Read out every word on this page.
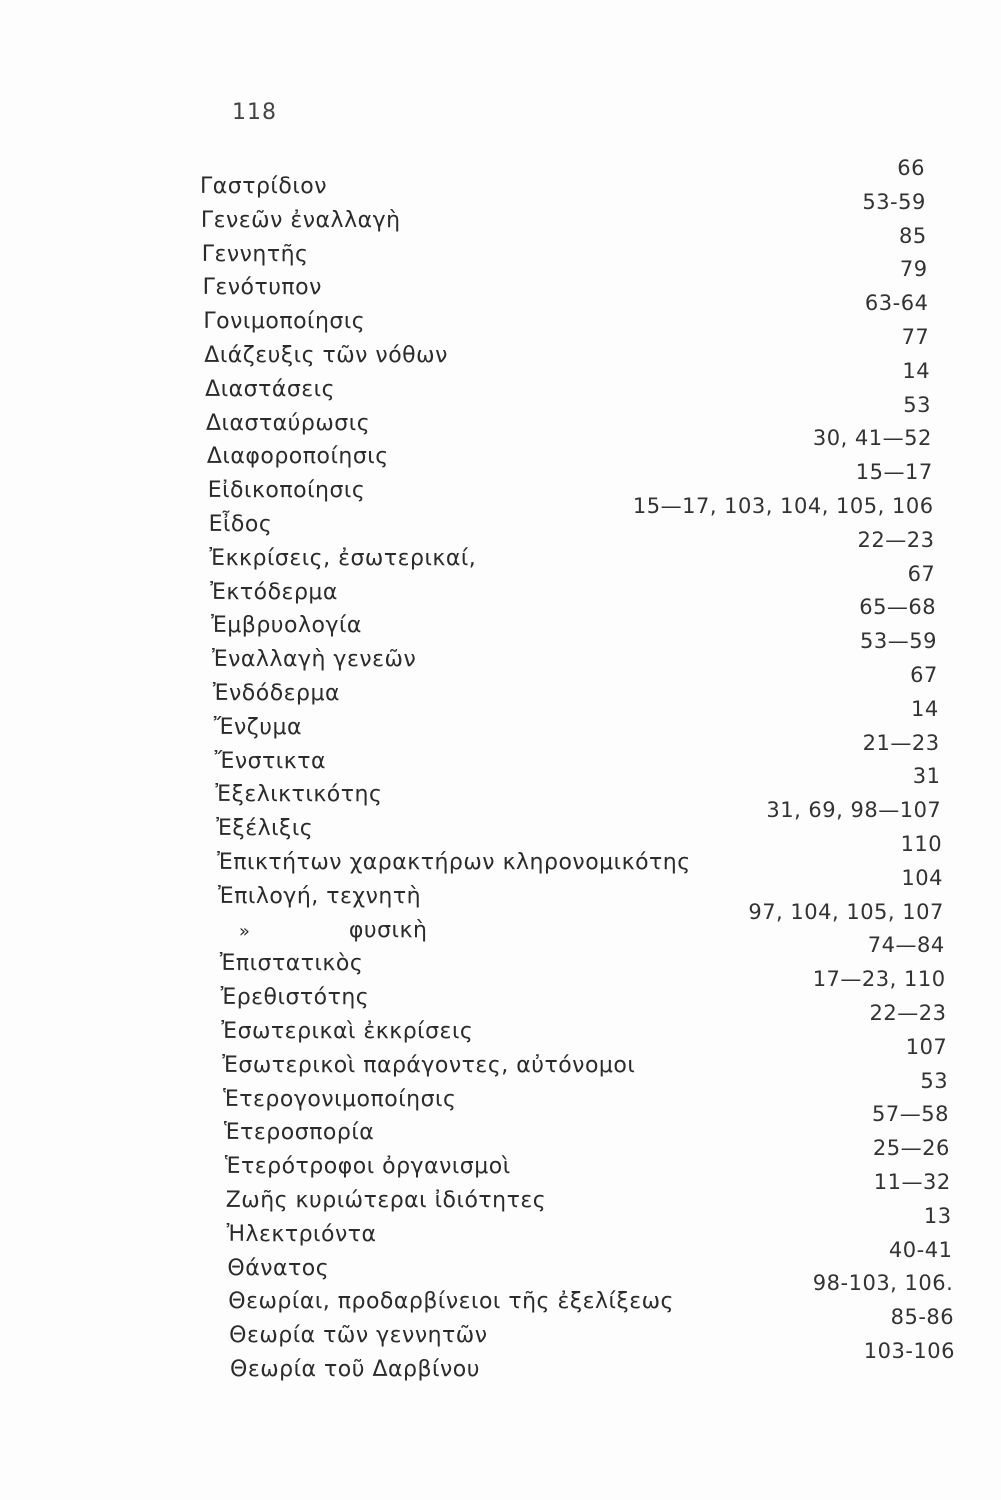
118
Γαστρίδιον
66
Γενεῶν ἐναλλαγὴ
53-59
Γεννητῆς
85
Γενότυπον
79
Γονιμοποίησις
63-64
Διάζευξις τῶν νόθων
77
Διαστάσεις
14
Διασταύρωσις
53
Διαφοροποίησις
30, 41—52
Εἰδικοποίησις
15—17
Εἶδος
15—17, 103, 104, 105, 106
Ἐκκρίσεις, ἐσωτερικαί,
22—23
Ἐκτόδερμα
67
Ἐμβρυολογία
65—68
Ἐναλλαγὴ γενεῶν
53—59
Ἐνδόδερμα
67
Ἔνζυμα
14
Ἔνστικτα
21—23
Ἐξελικτικότης
31
Ἐξέλιξις
31, 69, 98—107
Ἐπικτήτων χαρακτήρων κληρονομικότης
110
Ἐπιλογή, τεχνητὴ
104
»	φυσικὴ
97, 104, 105, 107
Ἐπιστατικὸς
74—84
Ἐρεθιστότης
17—23, 110
Ἐσωτερικαὶ ἐκκρίσεις
22—23
Ἐσωτερικοὶ παράγοντες, αὐτόνομοι
107
Ἑτερογονιμοποίησις
53
Ἑτεροσπορία
57—58
Ἑτερότροφοι ὀργανισμοὶ
25—26
Ζωῆς κυριώτεραι ἰδιότητες
11—32
Ἠλεκτριόντα
13
Θάνατος
40-41
Θεωρίαι, προδαρβίνειοι τῆς ἐξελίξεως
98-103, 106.
Θεωρία τῶν γεννητῶν
85-86
Θεωρία τοῦ Δαρβίνου
103-106
